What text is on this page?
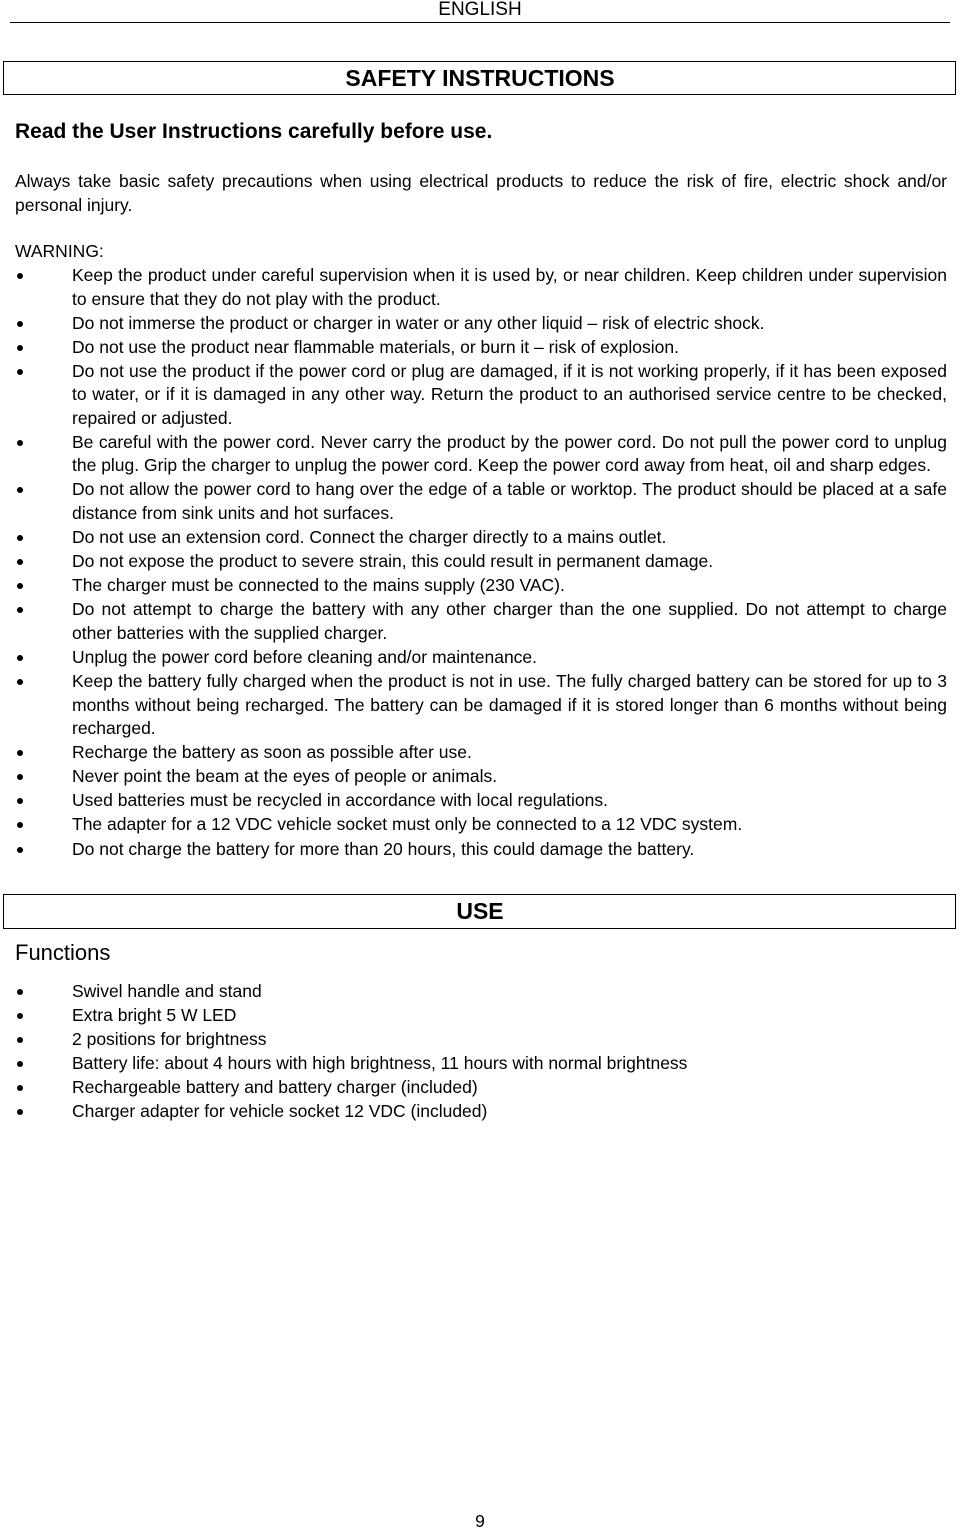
ENGLISH
SAFETY INSTRUCTIONS
Read the User Instructions carefully before use.
Always take basic safety precautions when using electrical products to reduce the risk of fire, electric shock and/or personal injury.
WARNING:
Keep the product under careful supervision when it is used by, or near children. Keep children under supervision to ensure that they do not play with the product.
Do not immerse the product or charger in water or any other liquid – risk of electric shock.
Do not use the product near flammable materials, or burn it – risk of explosion.
Do not use the product if the power cord or plug are damaged, if it is not working properly, if it has been exposed to water, or if it is damaged in any other way. Return the product to an authorised service centre to be checked, repaired or adjusted.
Be careful with the power cord. Never carry the product by the power cord. Do not pull the power cord to unplug the plug. Grip the charger to unplug the power cord. Keep the power cord away from heat, oil and sharp edges.
Do not allow the power cord to hang over the edge of a table or worktop. The product should be placed at a safe distance from sink units and hot surfaces.
Do not use an extension cord. Connect the charger directly to a mains outlet.
Do not expose the product to severe strain, this could result in permanent damage.
The charger must be connected to the mains supply (230 VAC).
Do not attempt to charge the battery with any other charger than the one supplied. Do not attempt to charge other batteries with the supplied charger.
Unplug the power cord before cleaning and/or maintenance.
Keep the battery fully charged when the product is not in use. The fully charged battery can be stored for up to 3 months without being recharged. The battery can be damaged if it is stored longer than 6 months without being recharged.
Recharge the battery as soon as possible after use.
Never point the beam at the eyes of people or animals.
Used batteries must be recycled in accordance with local regulations.
The adapter for a 12 VDC vehicle socket must only be connected to a 12 VDC system.
Do not charge the battery for more than 20 hours, this could damage the battery.
USE
Functions
Swivel handle and stand
Extra bright 5 W LED
2 positions for brightness
Battery life: about 4 hours with high brightness, 11 hours with normal brightness
Rechargeable battery and battery charger (included)
Charger adapter for vehicle socket 12 VDC (included)
9
